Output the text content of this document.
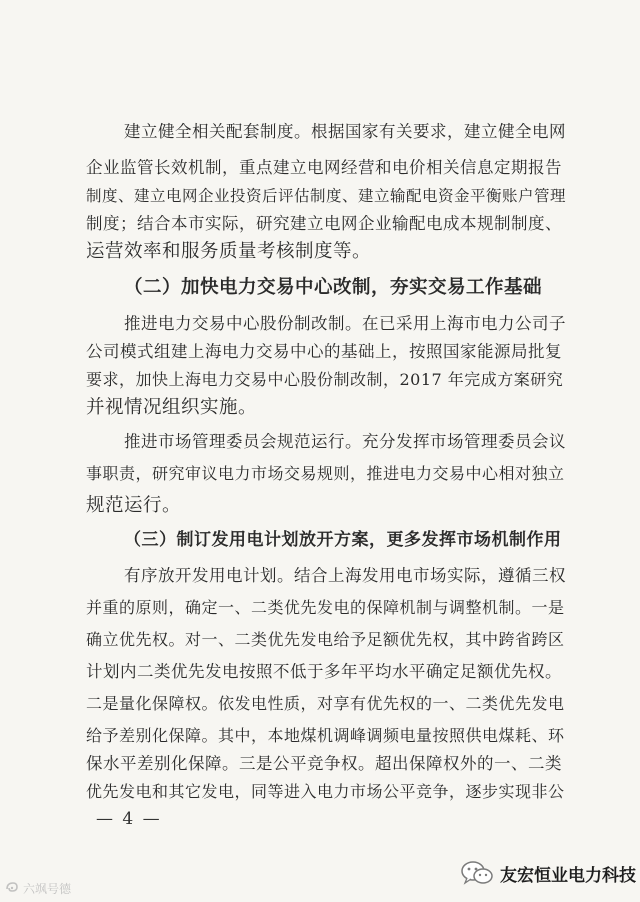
建立健全相关配套制度。根据国家有关要求，建立健全电网

企业监管长效机制，重点建立电网经营和电价相关信息定期报告

制度、建立电网企业投资后评估制度、建立输配电资金平衡账户管理

制度；结合本市实际，研究建立电网企业输配电成本规制制度、

运营效率和服务质量考核制度等。

（二）加快电力交易中心改制，夯实交易工作基础

推进电力交易中心股份制改制。在已采用上海市电力公司子

公司模式组建上海电力交易中心的基础上，按照国家能源局批复

要求，加快上海电力交易中心股份制改制，2017 年完成方案研究

并视情况组织实施。

推进市场管理委员会规范运行。充分发挥市场管理委员会议

事职责，研究审议电力市场交易规则，推进电力交易中心相对独立

规范运行。

（三）制订发用电计划放开方案，更多发挥市场机制作用

有序放开发用电计划。结合上海发用电市场实际，遵循三权

并重的原则，确定一、二类优先发电的保障机制与调整机制。一是

确立优先权。对一、二类优先发电给予足额优先权，其中跨省跨区

计划内二类优先发电按照不低于多年平均水平确定足额优先权。

二是量化保障权。依发电性质，对享有优先权的一、二类优先发电

给予差别化保障。其中，本地煤机调峰调频电量按照供电煤耗、环

保水平差别化保障。三是公平竞争权。超出保障权外的一、二类

优先发电和其它发电，同等进入电力市场公平竞争，逐步实现非公

— 4 —
六飒号德
友宏恒业电力科技
